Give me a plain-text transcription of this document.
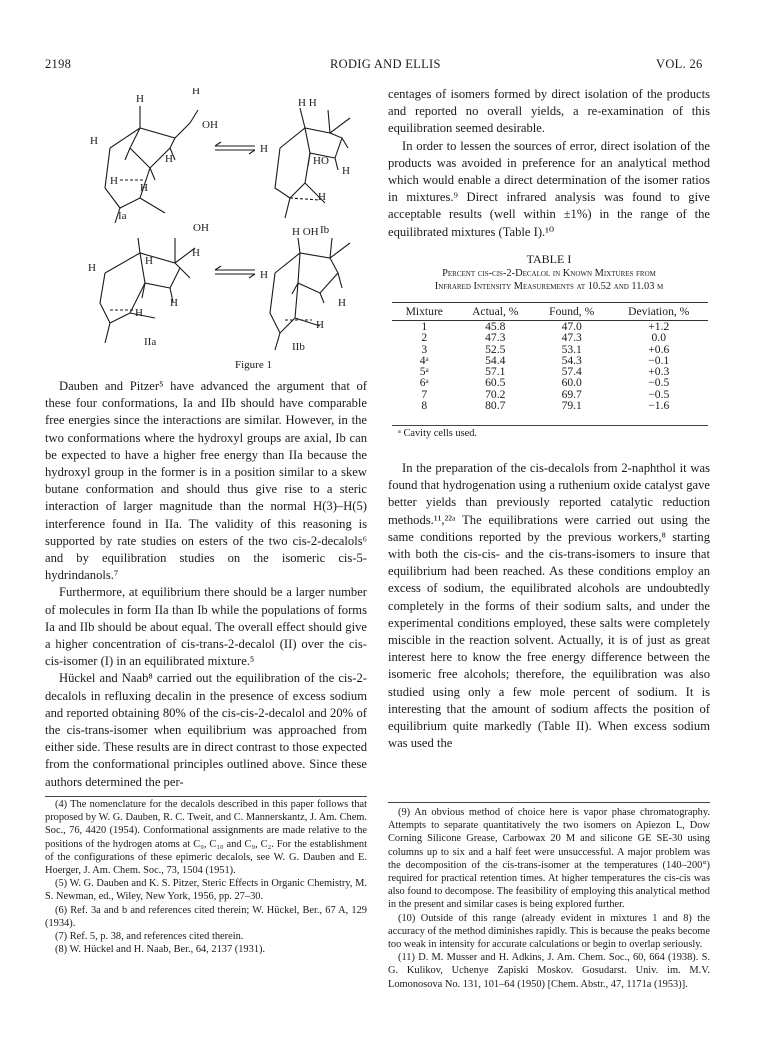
2198	RODIG AND ELLIS	VOL. 26
H
H
OH
H
H
H
H
Ia
H H
H
HO
H
H
Ib
OH
H
H
H
H
H
IIa
H OH
H
H
H
IIb
Figure 1

Dauben and Pitzer⁵ have advanced the argument that of these four conformations, Ia and IIb should have comparable free energies since the interactions are similar. However, in the two conformations where the hydroxyl groups are axial, Ib can be expected to have a higher free energy than IIa because the hydroxyl group in the former is in a position similar to a skew butane conformation and should thus give rise to a steric interaction of larger magnitude than the normal H(3)–H(5) interference found in IIa. The validity of this reasoning is supported by rate studies on esters of the two cis-2-decalols⁶ and by equilibration studies on the isomeric cis-5-hydrindanols.⁷

Furthermore, at equilibrium there should be a larger number of molecules in form IIa than Ib while the populations of forms Ia and IIb should be about equal. The overall effect should give a higher concentration of cis-trans-2-decalol (II) over the cis-cis-isomer (I) in an equilibrated mixture.⁵

Hückel and Naab⁸ carried out the equilibration of the cis-2-decalols in refluxing decalin in the presence of excess sodium and reported obtaining 80% of the cis-cis-2-decalol and 20% of the cis-trans-isomer when equilibrium was approached from either side. These results are in direct contrast to those expected from the conformational principles outlined above. Since these authors determined the per-

(4) The nomenclature for the decalols described in this paper follows that proposed by W. G. Dauben, R. C. Tweit, and C. Mannerskantz, J. Am. Chem. Soc., 76, 4420 (1954). Conformational assignments are made relative to the positions of the hydrogen atoms at C₉, C₁₀ and C₉, C₂. For the establishment of the configurations of these epimeric decalols, see W. G. Dauben and E. Hoerger, J. Am. Chem. Soc., 73, 1504 (1951).

(5) W. G. Dauben and K. S. Pitzer, Steric Effects in Organic Chemistry, M. S. Newman, ed., Wiley, New York, 1956, pp. 27–30.

(6) Ref. 3a and b and references cited therein; W. Hückel, Ber., 67 A, 129 (1934).

(7) Ref. 5, p. 38, and references cited therein.

(8) W. Hückel and H. Naab, Ber., 64, 2137 (1931).

centages of isomers formed by direct isolation of the products and reported no overall yields, a re-examination of this equilibration seemed desirable.

In order to lessen the sources of error, direct isolation of the products was avoided in preference for an analytical method which would enable a direct determination of the isomer ratios in mixtures.⁹ Direct infrared analysis was found to give acceptable results (well within ±1%) in the range of the equilibrated mixtures (Table I).¹⁰

TABLE I
Percent cis-cis-2-Decalol in Known Mixtures from
Infrared Intensity Measurements at 10.52 and 11.03 μ
Mixture	Actual, %	Found, %	Deviation, %
1	45.8	47.0	+1.2
2	47.3	47.3	0.0
3	52.5	53.1	+0.6
4ᵃ	54.4	54.3	−0.1
5ᵃ	57.1	57.4	+0.3
6ᵃ	60.5	60.0	−0.5
7	70.2	69.7	−0.5
8	80.7	79.1	−1.6
ᵃ Cavity cells used.

In the preparation of the cis-decalols from 2-naphthol it was found that hydrogenation using a ruthenium oxide catalyst gave better yields than previously reported catalytic reduction methods.¹¹,²²ᵃ The equilibrations were carried out using the same conditions reported by the previous workers,⁸ starting with both the cis-cis- and the cis-trans-isomers to insure that equilibrium had been reached. As these conditions employ an excess of sodium, the equilibrated alcohols are undoubtedly completely in the forms of their sodium salts, and under the experimental conditions employed, these salts were completely miscible in the reaction solvent. Actually, it is of just as great interest here to know the free energy difference between the isomeric free alcohols; therefore, the equilibration was also studied using only a few mole percent of sodium. It is interesting that the amount of sodium affects the position of equilibrium quite markedly (Table II). When excess sodium was used the

(9) An obvious method of choice here is vapor phase chromatography. Attempts to separate quantitatively the two isomers on Apiezon L, Dow Corning Silicone Grease, Carbowax 20 M and silicone GE SE-30 using columns up to six and a half feet were unsuccessful. A major problem was the decomposition of the cis-trans-isomer at the temperatures (140–200°) required for practical retention times. At higher temperatures the cis-cis was also found to decompose. The feasibility of employing this analytical method in the present and similar cases is being explored further.

(10) Outside of this range (already evident in mixtures 1 and 8) the accuracy of the method diminishes rapidly. This is because the peaks become too weak in intensity for accurate calculations or begin to overlap seriously.

(11) D. M. Musser and H. Adkins, J. Am. Chem. Soc., 60, 664 (1938). S. G. Kulikov, Uchenye Zapiski Moskov. Gosudarst. Univ. im. M.V. Lomonosova No. 131, 101–64 (1950) [Chem. Abstr., 47, 1171a (1953)].
